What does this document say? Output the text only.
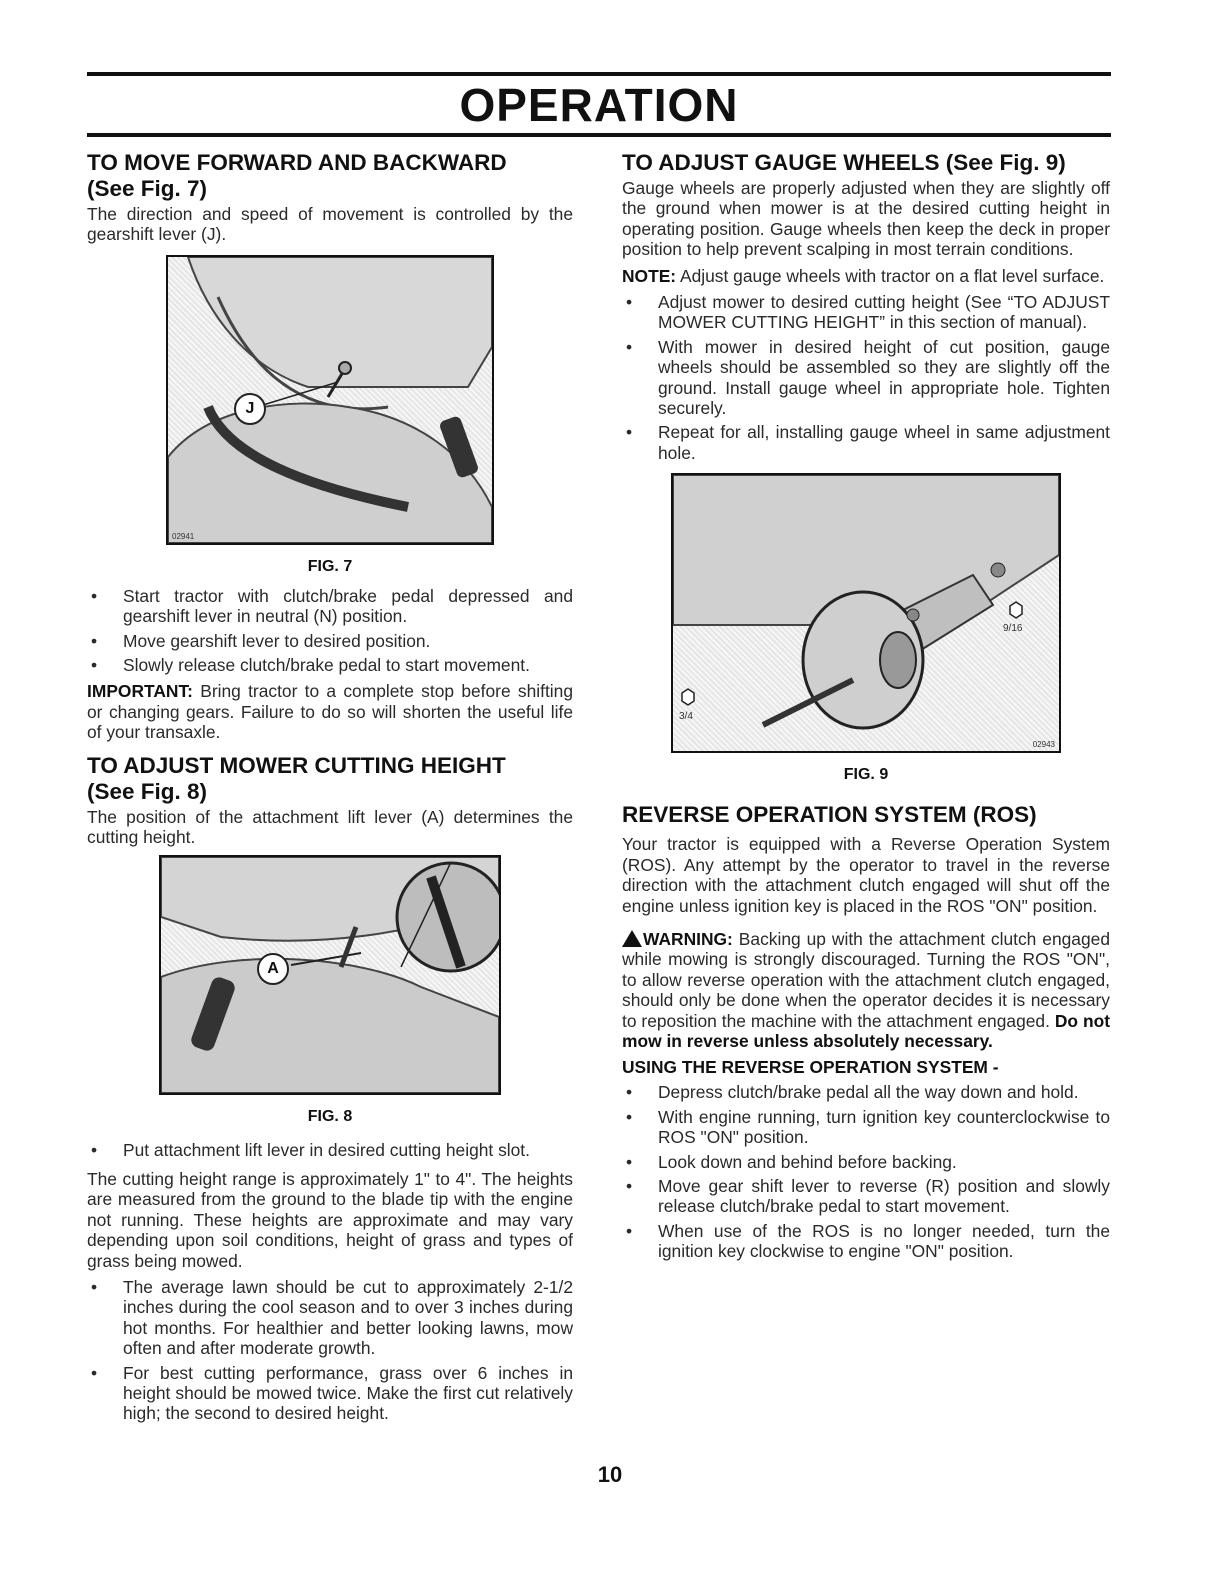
OPERATION
TO MOVE FORWARD AND BACKWARD
(See Fig. 7)

The direction and speed of movement is controlled by the gearshift lever (J).

J
02941
FIG. 7
• Start tractor with clutch/brake pedal depressed and gearshift lever in neutral (N) position.
• Move gearshift lever to desired position.
• Slowly release clutch/brake pedal to start movement.

IMPORTANT: Bring tractor to a complete stop before shifting or changing gears. Failure to do so will shorten the useful life of your transaxle.

TO ADJUST MOWER CUTTING HEIGHT
(See Fig. 8)

The position of the attachment lift lever (A) determines the cutting height.

A
FIG. 8
• Put attachment lift lever in desired cutting height slot.

The cutting height range is approximately 1" to 4". The heights are measured from the ground to the blade tip with the engine not running. These heights are approximate and may vary depending upon soil conditions, height of grass and types of grass being mowed.

• The average lawn should be cut to approximately 2-1/2 inches during the cool season and to over 3 inches during hot months. For healthier and better looking lawns, mow often and after moderate growth.
• For best cutting performance, grass over 6 inches in height should be mowed twice. Make the first cut relatively high; the second to desired height.
TO ADJUST GAUGE WHEELS (See Fig. 9)

Gauge wheels are properly adjusted when they are slightly off the ground when mower is at the desired cutting height in operating position. Gauge wheels then keep the deck in proper position to help prevent scalping in most terrain conditions.

NOTE: Adjust gauge wheels with tractor on a flat level surface.

• Adjust mower to desired cutting height (See “TO ADJUST MOWER CUTTING HEIGHT” in this section of manual).
• With mower in desired height of cut position, gauge wheels should be assembled so they are slightly off the ground. Install gauge wheel in appropriate hole. Tighten securely.
• Repeat for all, installing gauge wheel in same adjustment hole.
9/16
3/4
02943
FIG. 9
REVERSE OPERATION SYSTEM (ROS)

Your tractor is equipped with a Reverse Operation System (ROS). Any attempt by the operator to travel in the reverse direction with the attachment clutch engaged will shut off the engine unless ignition key is placed in the ROS "ON" position.

WARNING: Backing up with the attachment clutch engaged while mowing is strongly discouraged. Turning the ROS "ON", to allow reverse operation with the attachment clutch engaged, should only be done when the operator decides it is necessary to reposition the machine with the attachment engaged. Do not mow in reverse unless absolutely necessary.

USING THE REVERSE OPERATION SYSTEM -
• Depress clutch/brake pedal all the way down and hold.
• With engine running, turn ignition key counterclockwise to ROS "ON" position.
• Look down and behind before backing.
• Move gear shift lever to reverse (R) position and slowly release clutch/brake pedal to start movement.
• When use of the ROS is no longer needed, turn the ignition key clockwise to engine "ON" position.
10
